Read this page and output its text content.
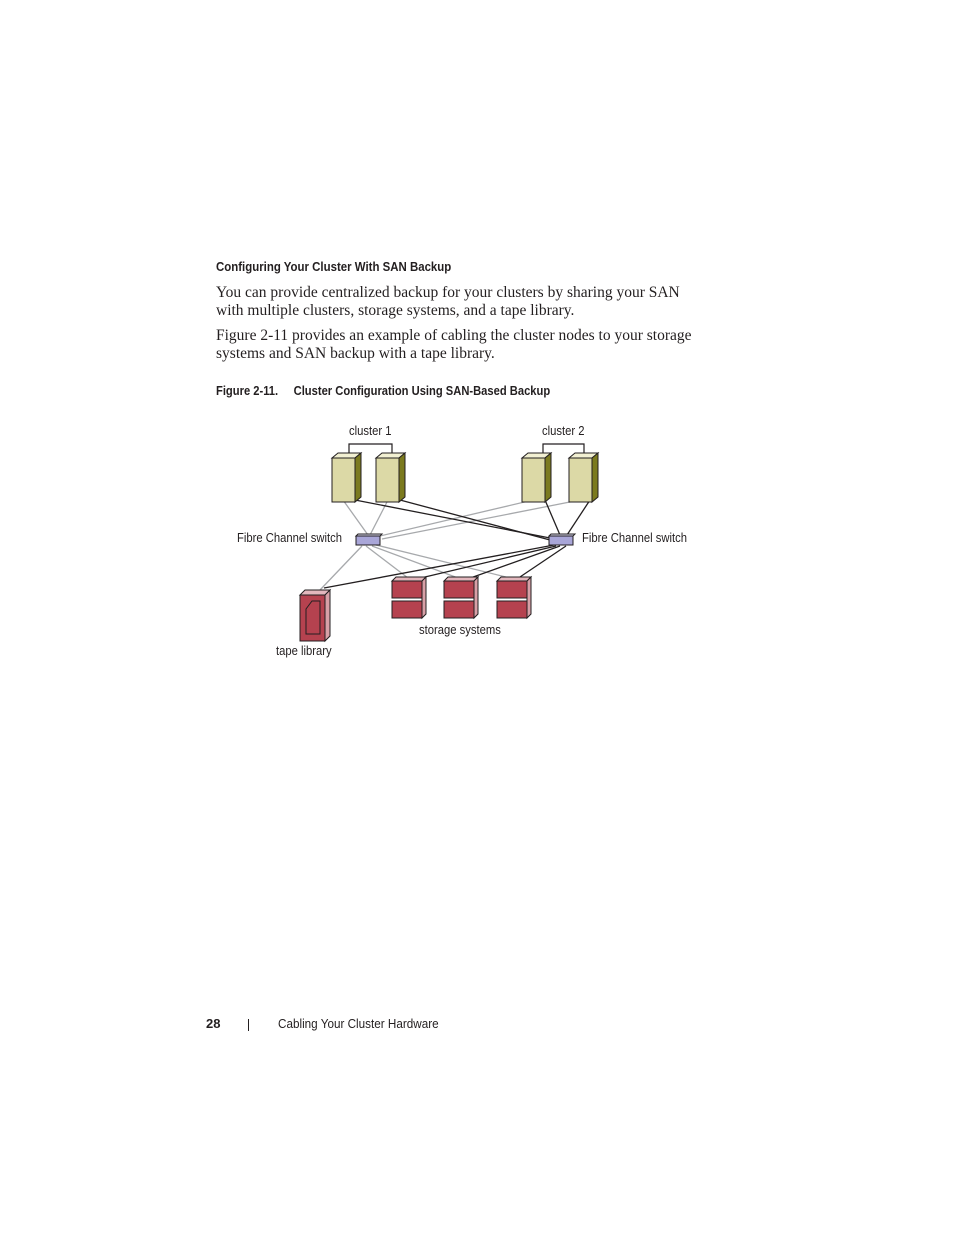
Configuring Your Cluster With SAN Backup
You can provide centralized backup for your clusters by sharing your SAN
with multiple clusters, storage systems, and a tape library.
Figure 2-11 provides an example of cabling the cluster nodes to your storage
systems and SAN backup with a tape library.
Figure 2-11. Cluster Configuration Using SAN-Based Backup
cluster 1	cluster 2
Fibre Channel switch	Fibre Channel switch
storage systems
tape library
28	Cabling Your Cluster Hardware
